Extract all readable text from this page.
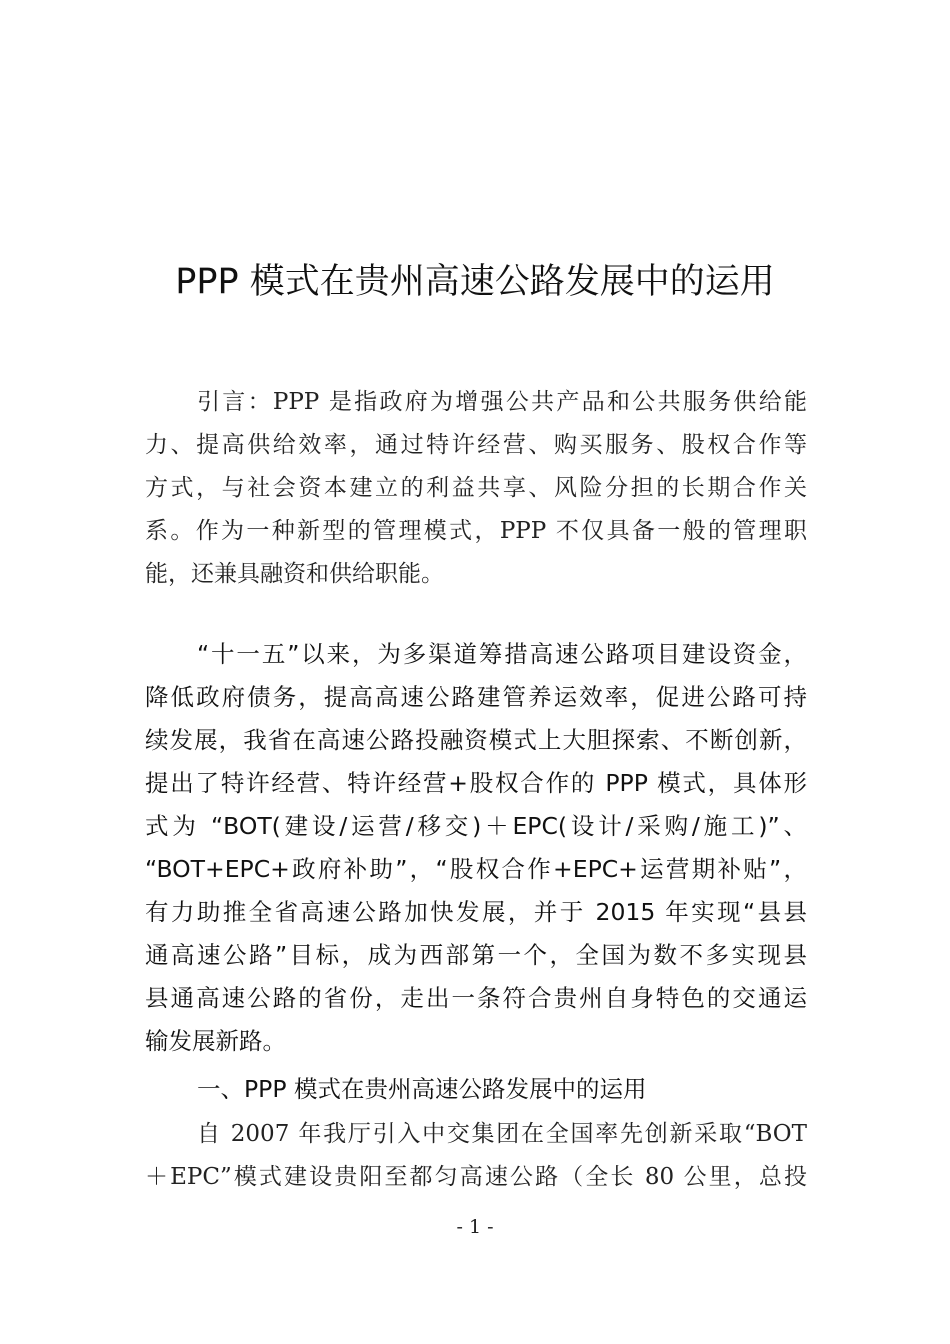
PPP 模式在贵州高速公路发展中的运用

引言：PPP 是指政府为增强公共产品和公共服务供给能

力、提高供给效率，通过特许经营、购买服务、股权合作等

方式，与社会资本建立的利益共享、风险分担的长期合作关

系。作为一种新型的管理模式，PPP 不仅具备一般的管理职

能，还兼具融资和供给职能。

“十一五”以来，为多渠道筹措高速公路项目建设资金，

降低政府债务，提高高速公路建管养运效率，促进公路可持

续发展，我省在高速公路投融资模式上大胆探索、不断创新，

提出了特许经营、特许经营+股权合作的 PPP 模式，具体形

式为 “BOT(建设/运营/移交)＋EPC(设计/采购/施工)”、

“BOT+EPC+政府补助”，“股权合作+EPC+运营期补贴”，

有力助推全省高速公路加快发展，并于 2015 年实现“县县

通高速公路”目标，成为西部第一个，全国为数不多实现县

县通高速公路的省份，走出一条符合贵州自身特色的交通运

输发展新路。

一、PPP 模式在贵州高速公路发展中的运用

自 2007 年我厅引入中交集团在全国率先创新采取“BOT

＋EPC”模式建设贵阳至都匀高速公路（全长 80 公里，总投

- 1 -
